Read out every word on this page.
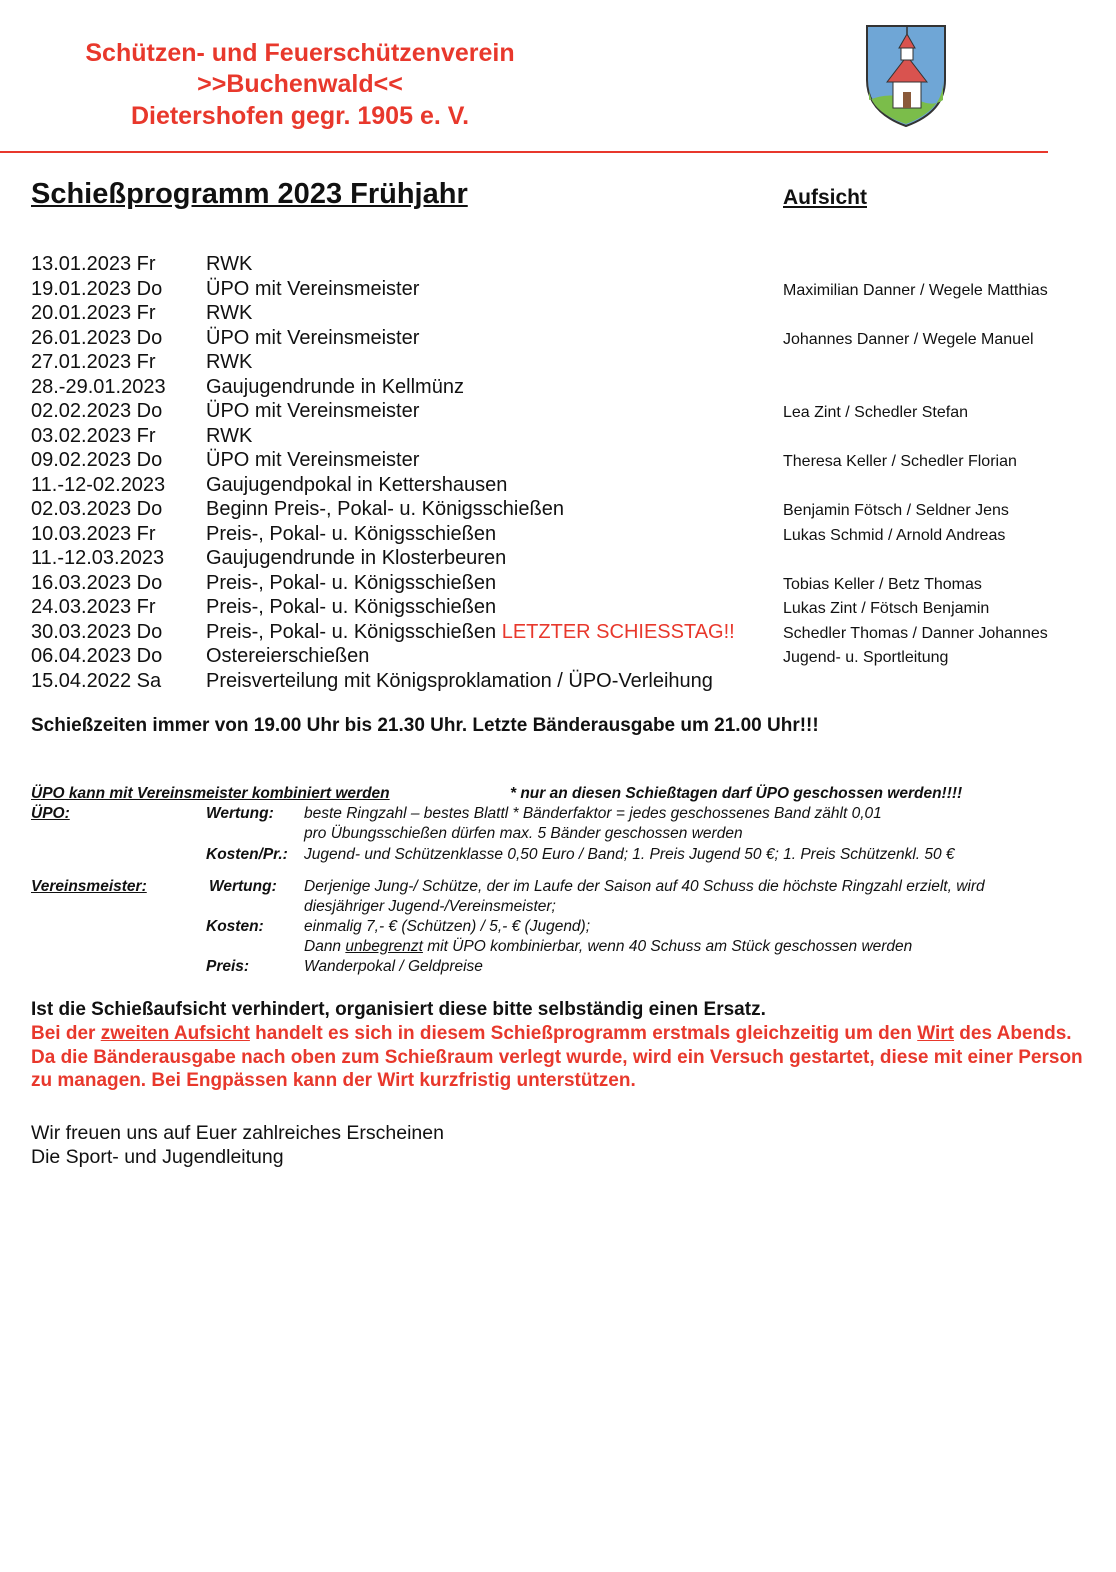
Schützen- und Feuerschützenverein
>>Buchenwald<<
Dietershofen gegr. 1905 e. V.
Schießprogramm 2023 Frühjahr	Aufsicht
13.01.2023 Fr	RWK
19.01.2023 Do ÜPO mit Vereinsmeister	Maximilian Danner / Wegele Matthias
20.01.2023 Fr	RWK
26.01.2023 Do ÜPO mit Vereinsmeister	Johannes Danner / Wegele Manuel
27.01.2023 Fr	RWK
28.-29.01.2023 Gaujugendrunde in Kellmünz
02.02.2023 Do ÜPO mit Vereinsmeister	Lea Zint / Schedler Stefan
03.02.2023 Fr	RWK
09.02.2023 Do ÜPO mit Vereinsmeister	Theresa Keller / Schedler Florian
11.-12-02.2023 Gaujugendpokal in Kettershausen
02.03.2023 Do Beginn Preis-, Pokal- u. Königsschießen	Benjamin Fötsch / Seldner Jens
10.03.2023 Fr	Preis-, Pokal- u. Königsschießen	Lukas Schmid / Arnold Andreas
11.-12.03.2023 Gaujugendrunde in Klosterbeuren
16.03.2023 Do Preis-, Pokal- u. Königsschießen	Tobias Keller / Betz Thomas
24.03.2023 Fr	Preis-, Pokal- u. Königsschießen	Lukas Zint / Fötsch Benjamin
30.03.2023 Do Preis-, Pokal- u. Königsschießen LETZTER SCHIESSTAG!!	Schedler Thomas / Danner Johannes
06.04.2023 Do Ostereierschießen	Jugend- u. Sportleitung
15.04.2022 Sa Preisverteilung mit Königsproklamation / ÜPO-Verleihung
Schießzeiten immer von 19.00 Uhr bis 21.30 Uhr. Letzte Bänderausgabe um 21.00 Uhr!!!
ÜPO kann mit Vereinsmeister kombiniert werden	* nur an diesen Schießtagen darf ÜPO geschossen werden!!!!
ÜPO:	Wertung: beste Ringzahl – bestes Blattl * Bänderfaktor = jedes geschossenes Band zählt 0,01
pro Übungsschießen dürfen max. 5 Bänder geschossen werden
Kosten/Pr.: Jugend- und Schützenklasse 0,50 Euro / Band; 1. Preis Jugend 50 €; 1. Preis Schützenkl. 50 €
Vereinsmeister:	Wertung: Derjenige Jung-/ Schütze, der im Laufe der Saison auf 40 Schuss die höchste Ringzahl erzielt, wird
diesjähriger Jugend-/Vereinsmeister;
Kosten:	einmalig 7,- € (Schützen) / 5,- € (Jugend);
Dann unbegrenzt mit ÜPO kombinierbar, wenn 40 Schuss am Stück geschossen werden
Preis:	Wanderpokal / Geldpreise
Ist die Schießaufsicht verhindert, organisiert diese bitte selbständig einen Ersatz.
Bei der zweiten Aufsicht handelt es sich in diesem Schießprogramm erstmals gleichzeitig um den Wirt des Abends. Da die Bänderausgabe nach oben zum Schießraum verlegt wurde, wird ein Versuch gestartet, diese mit einer Person zu managen. Bei Engpässen kann der Wirt kurzfristig unterstützen.
Wir freuen uns auf Euer zahlreiches Erscheinen
Die Sport- und Jugendleitung
